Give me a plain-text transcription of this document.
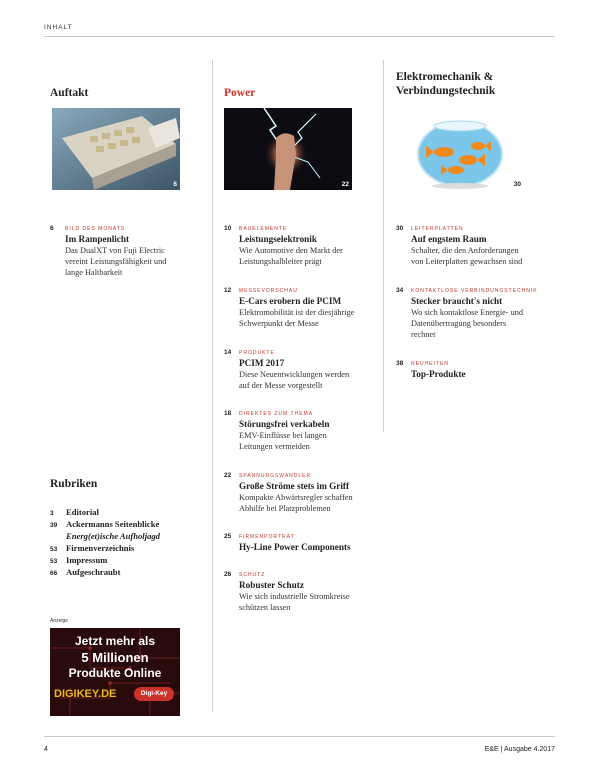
INHALT
Auftakt	Power
Elektromechanik &
Verbindungstechnik
6	22	30
6 BILD DES MONATS
Im Rampenlicht
Das DualXT von Fuji Electric
vereint Leistungsfähigkeit und
lange Haltbarkeit
10 BAUELEMENTE
Leistungselektronik
Wie Automotive den Markt der
Leistungshalbleiter prägt
12 MESSEVORSCHAU
E-Cars erobern die PCIM
Elektromobilität ist der diesjährige
Schwerpunkt der Messe
14 PRODUKTE
PCIM 2017
Diese Neuentwicklungen werden
auf der Messe vorgestellt
18 DIREKTES ZUM THEMA
Störungsfrei verkabeln
EMV-Einflüsse bei langen
Leitungen vermeiden
22 SPANNUNGSWANDLER
Große Ströme stets im Griff
Kompakte Abwärtsregler schaffen
Abhilfe bei Platzproblemen
25 FIRMENPORTRÄT
Hy-Line Power Components
26 SCHUTZ
Robuster Schutz
Wie sich industrielle Stromkreise
schützen lassen
30 LEITERPLATTEN
Auf engstem Raum
Schalter, die den Anforderungen
von Leiterplatten gewachsen sind
34 KONTAKTLOSE VERBINDUNGSTECHNIK
Stecker braucht's nicht
Wo sich kontaktlose Energie- und
Datenübertragung besonders
rechnet
38 NEUHEITEN
Top-Produkte
Rubriken
3 Editorial
39 Ackermanns Seitenblicke
Energ(et)ische Aufholjagd
53 Firmenverzeichnis
53 Impressum
66 Aufgeschraubt
Anzeige
Jetzt mehr als
5 Millionen
Produkte Online
DIGIKEY.DE	Digi-Key
4	E&E | Ausgabe 4.2017
